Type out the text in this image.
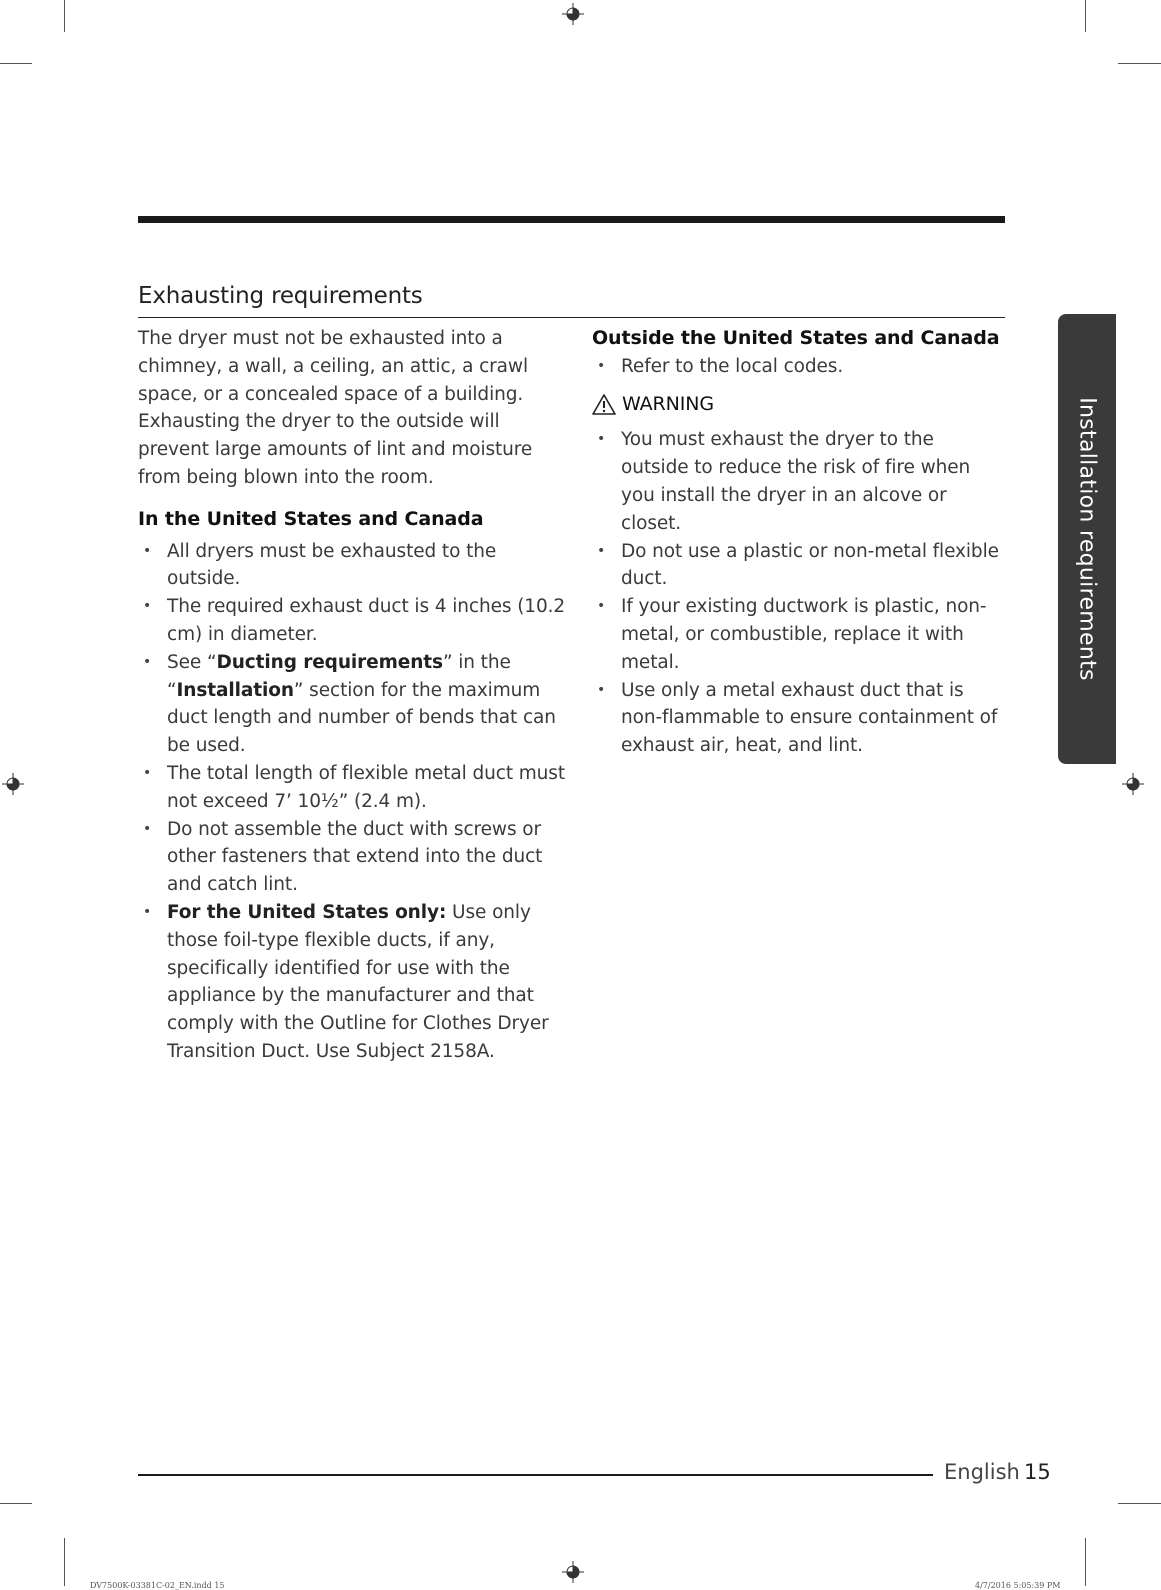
Exhausting requirements

The dryer must not be exhausted into a chimney, a wall, a ceiling, an attic, a crawl space, or a concealed space of a building. Exhausting the dryer to the outside will prevent large amounts of lint and moisture from being blown into the room.

In the United States and Canada

• All dryers must be exhausted to the outside.
• The required exhaust duct is 4 inches (10.2 cm) in diameter.
• See “Ducting requirements” in the “Installation” section for the maximum duct length and number of bends that can be used.
• The total length of flexible metal duct must not exceed 7’ 10½” (2.4 m).
• Do not assemble the duct with screws or other fasteners that extend into the duct and catch lint.
• For the United States only: Use only those foil-type flexible ducts, if any, specifically identified for use with the appliance by the manufacturer and that comply with the Outline for Clothes Dryer Transition Duct. Use Subject 2158A.

Outside the United States and Canada

• Refer to the local codes.
WARNING
• You must exhaust the dryer to the outside to reduce the risk of fire when you install the dryer in an alcove or closet.
• Do not use a plastic or non-metal flexible duct.
• If your existing ductwork is plastic, non-metal, or combustible, replace it with metal.
• Use only a metal exhaust duct that is non-flammable to ensure containment of exhaust air, heat, and lint.
Installation requirements
English 15
DV7500K-03381C-02_EN.indd 15	4/7/2016 5:05:39 PM
